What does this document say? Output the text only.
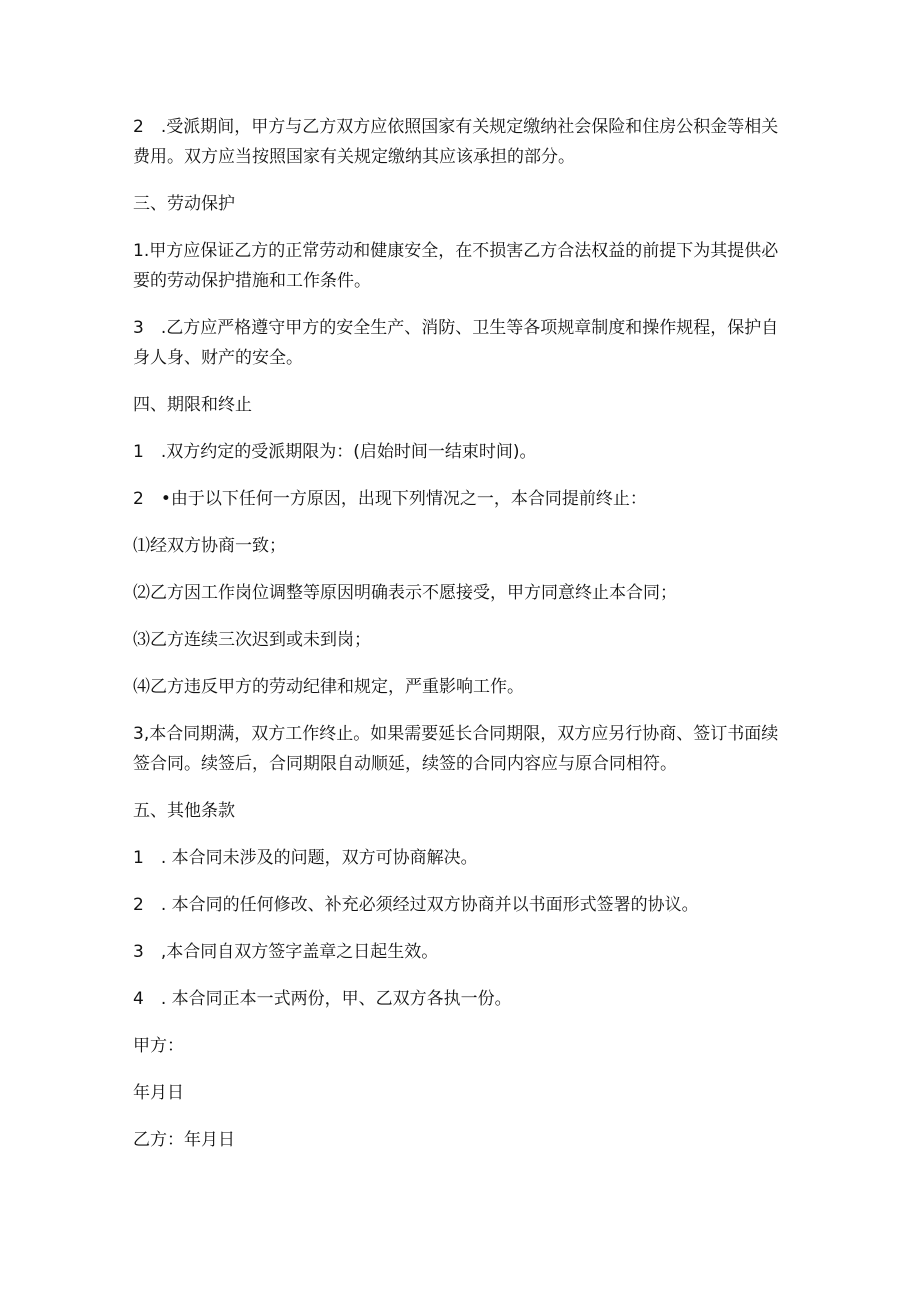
2　.受派期间，甲方与乙方双方应依照国家有关规定缴纳社会保险和住房公积金等相关费用。双方应当按照国家有关规定缴纳其应该承担的部分。

三、劳动保护

1.甲方应保证乙方的正常劳动和健康安全，在不损害乙方合法权益的前提下为其提供必要的劳动保护措施和工作条件。

3　.乙方应严格遵守甲方的安全生产、消防、卫生等各项规章制度和操作规程，保护自身人身、财产的安全。

四、期限和终止

1　.双方约定的受派期限为：(启始时间一结束时间)。

2　•由于以下任何一方原因，出现下列情况之一，本合同提前终止：

⑴经双方协商一致；

⑵乙方因工作岗位调整等原因明确表示不愿接受，甲方同意终止本合同；

⑶乙方连续三次迟到或未到岗；

⑷乙方违反甲方的劳动纪律和规定，严重影响工作。

3,本合同期满，双方工作终止。如果需要延长合同期限，双方应另行协商、签订书面续签合同。续签后，合同期限自动顺延，续签的合同内容应与原合同相符。

五、其他条款

1　. 本合同未涉及的问题，双方可协商解决。

2　. 本合同的任何修改、补充必须经过双方协商并以书面形式签署的协议。

3　,本合同自双方签字盖章之日起生效。

4　. 本合同正本一式两份，甲、乙双方各执一份。

甲方：

年月日

乙方：年月日
